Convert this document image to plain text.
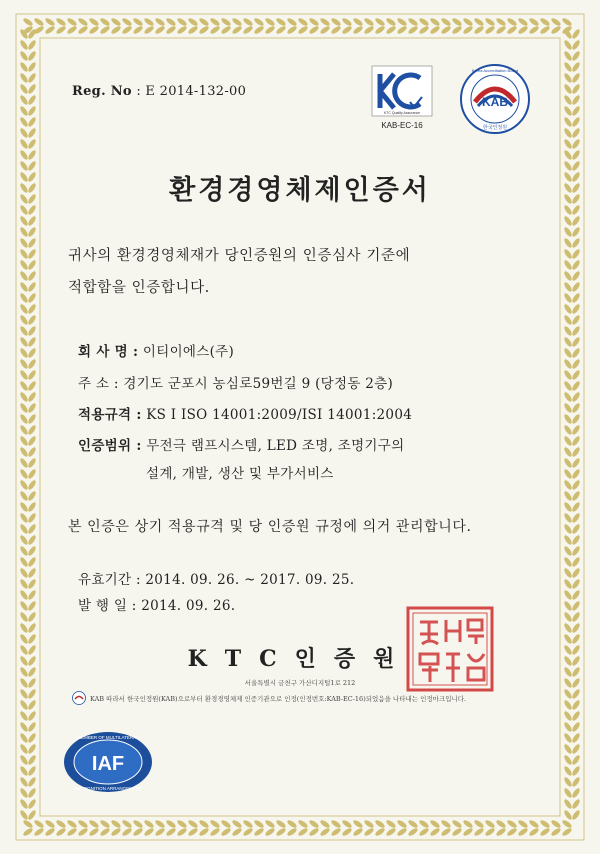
Reg. No : E 2014-132-00
KTC Quality Assurance
KAB-EC-16
KAB
Korea Accreditation Board
한국인정원
환경경영체제인증서
귀사의 환경경영체재가 당인증원의 인증심사 기준에
적합함을 인증합니다.
회 사 명 : 이티이에스(주)
주 소 : 경기도 군포시 농심로59번길 9 (당정동 2층)
적용규격 : KS I ISO 14001:2009/ISI 14001:2004
인증범위 : 무전극 램프시스템, LED 조명, 조명기구의
설계, 개발, 생산 및 부가서비스
본 인증은 상기 적용규격 및 당 인증원 규정에 의거 관리합니다.
유효기간 : 2014. 09. 26. ~ 2017. 09. 25.
발 행 일 : 2014. 09. 26.
KTC인증원
서울특별시 금천구 가산디지털1로 212
KAB 따라서 한국인정원(KAB)으로부터 환경경영체제 인증기관으로 인정(인정번호:KAB-EC-16)되었음을 나타내는 인정마크입니다.
IAF
MEMBER OF MULTILATERAL
RECOGNITION ARRANGEMENT
